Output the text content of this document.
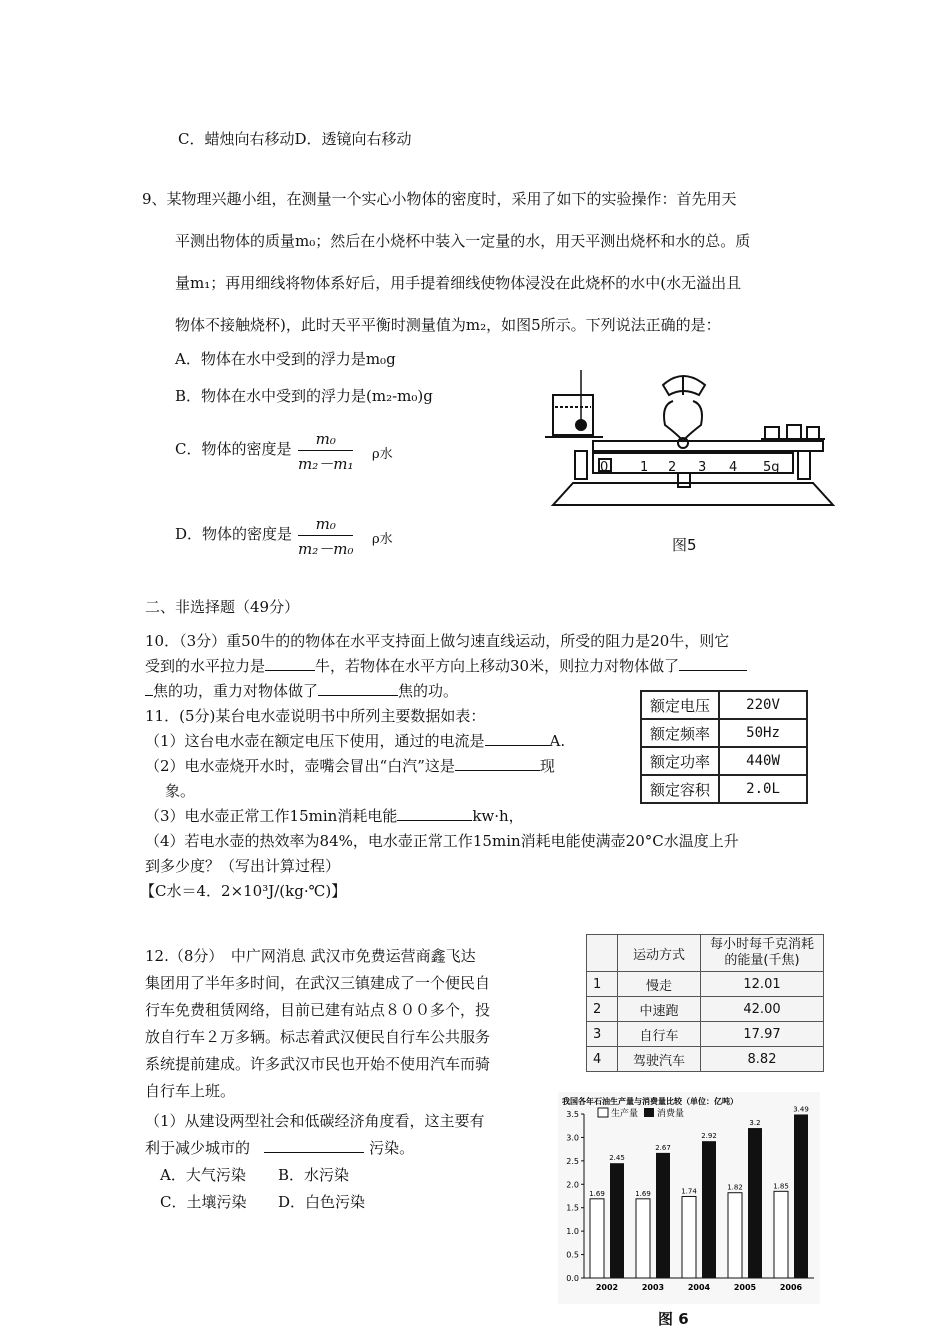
C．蜡烛向右移动D．透镜向右移动
9、某物理兴趣小组，在测量一个实心小物体的密度时，采用了如下的实验操作：首先用天
平测出物体的质量m₀；然后在小烧杯中装入一定量的水，用天平测出烧杯和水的总。质
量m₁；再用细线将物体系好后，用手提着细线使物体浸没在此烧杯的水中(水无溢出且
物体不接触烧杯)，此时天平平衡时测量值为m₂，如图5所示。下列说法正确的是：
A．物体在水中受到的浮力是m₀g
B．物体在水中受到的浮力是(m₂-m₀)g
C．物体的密度是 $\frac{\text{m₀}}{\text{m₂－m₁}}$ ρ水
D．物体的密度是 $\frac{\text{m₀}}{\text{m₂－m₀}}$ ρ水
0 1 2 3 4 5g
图5
二、非选择题（49分）
10．（3分）重50牛的的物体在水平支持面上做匀速直线运动，所受的阻力是20牛，则它
受到的水平拉力是	牛，若物体在水平方向上移动30米，则拉力对物体做了
焦的功，重力对物体做了	焦的功。
11．(5分)某台电水壶说明书中所列主要数据如表：
（1）这台电水壶在额定电压下使用，通过的电流是	A.
（2）电水壶烧开水时，壶嘴会冒出“白汽”这是	现
象。
（3）电水壶正常工作15min消耗电能	kw·h，
（4）若电水壶的热效率为84%，电水壶正常工作15min消耗电能使满壶20°C水温度上升
到多少度？（写出计算过程）
【C水＝4．2×10³J/(kg·℃)】
额定电压	220V
额定频率	50Hz
额定功率	440W
额定容积	2.0L
12.（8分）　中广网消息 武汉市免费运营商鑫飞达
集团用了半年多时间，在武汉三镇建成了一个便民自
行车免费租赁网络，目前已建有站点８００多个，投
放自行车２万多辆。标志着武汉便民自行车公共服务
系统提前建成。许多武汉市民也开始不使用汽车而骑
自行车上班。
（1）从建设两型社会和低碳经济角度看，这主要有
利于减少城市的	污染。
A．大气污染 B．水污染
C．土壤污染 D．白色污染
	运动方式	每小时每千克消耗
的能量(千焦)
1	慢走	12.01
2	中速跑	42.00
3	自行车	17.97
4	驾驶汽车	8.82
我国各年石油生产量与消费量比较（单位：亿吨）
生产量 消费量
0.0
0.5
1.0
1.5
2.0
2.5
3.0
3.5
1.69
2.45
2002
1.69
2.67
2003
1.74
2.92
2004
1.82
3.2
2005
1.85
3.49
2006
图 6
